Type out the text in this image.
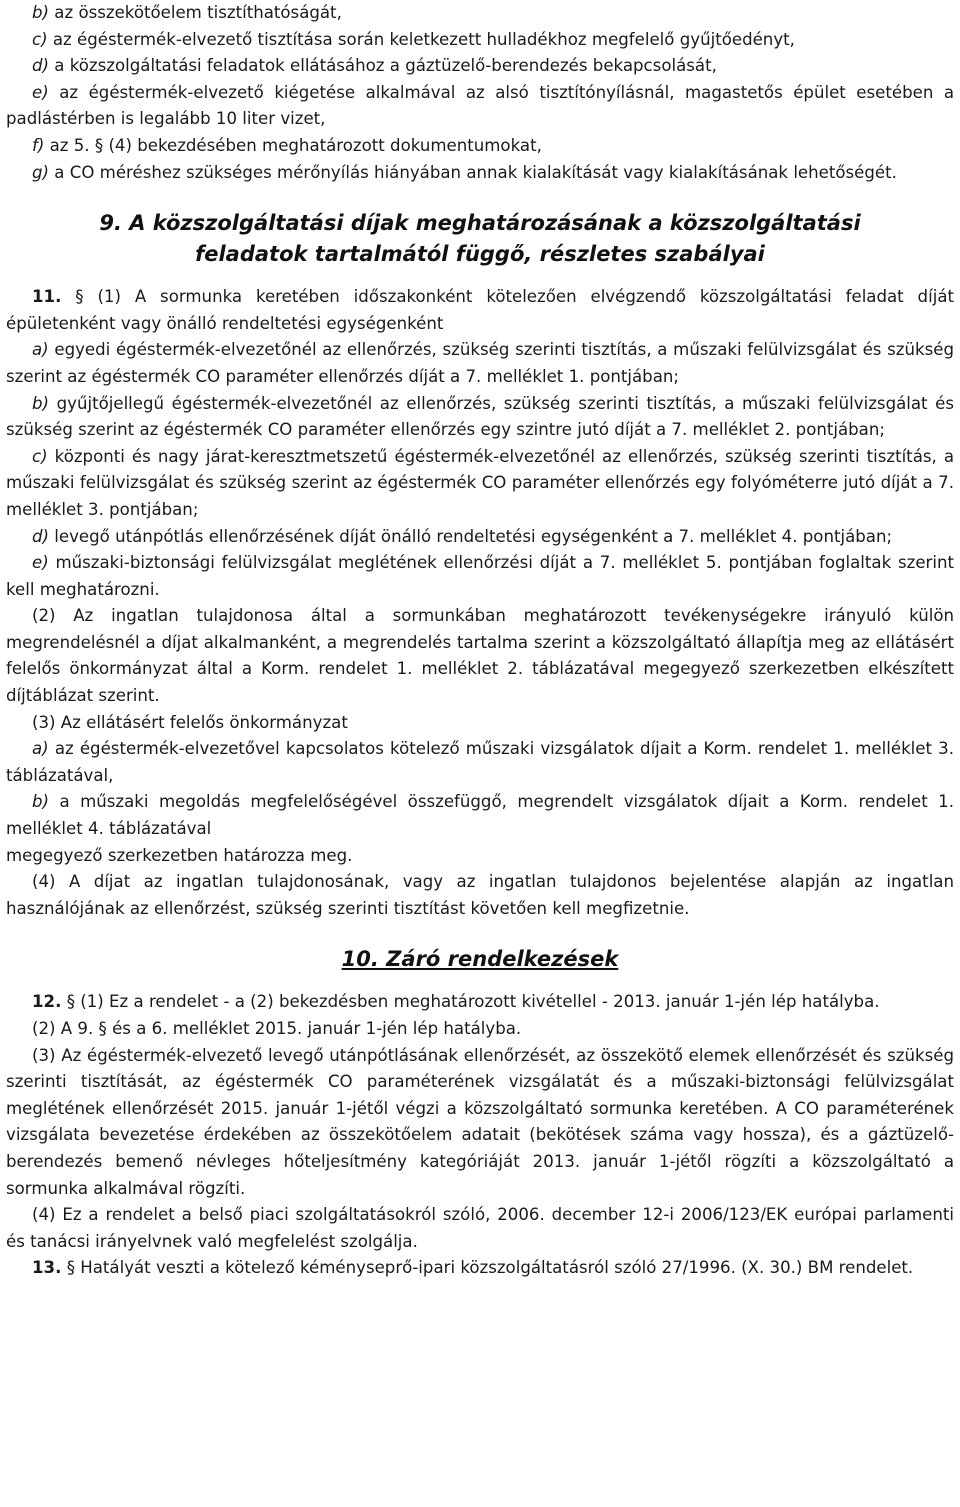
b) az összekötőelem tisztíthatóságát,

c) az égéstermék-elvezető tisztítása során keletkezett hulladékhoz megfelelő gyűjtőedényt,

d) a közszolgáltatási feladatok ellátásához a gáztüzelő-berendezés bekapcsolását,

e) az égéstermék-elvezető kiégetése alkalmával az alsó tisztítónyílásnál, magastetős épület esetében a padlástérben is legalább 10 liter vizet,

f) az 5. § (4) bekezdésében meghatározott dokumentumokat,

g) a CO méréshez szükséges mérőnyílás hiányában annak kialakítását vagy kialakításának lehetőségét.

9. A közszolgáltatási díjak meghatározásának a közszolgáltatási
feladatok tartalmától függő, részletes szabályai

11. § (1) A sormunka keretében időszakonként kötelezően elvégzendő közszolgáltatási feladat díját épületenként vagy önálló rendeltetési egységenként

a) egyedi égéstermék-elvezetőnél az ellenőrzés, szükség szerinti tisztítás, a műszaki felülvizsgálat és szükség szerint az égéstermék CO paraméter ellenőrzés díját a 7. melléklet 1. pontjában;

b) gyűjtőjellegű égéstermék-elvezetőnél az ellenőrzés, szükség szerinti tisztítás, a műszaki felülvizsgálat és szükség szerint az égéstermék CO paraméter ellenőrzés egy szintre jutó díját a 7. melléklet 2. pontjában;

c) központi és nagy járat-keresztmetszetű égéstermék-elvezetőnél az ellenőrzés, szükség szerinti tisztítás, a műszaki felülvizsgálat és szükség szerint az égéstermék CO paraméter ellenőrzés egy folyóméterre jutó díját a 7. melléklet 3. pontjában;

d) levegő utánpótlás ellenőrzésének díját önálló rendeltetési egységenként a 7. melléklet 4. pontjában;

e) műszaki-biztonsági felülvizsgálat meglétének ellenőrzési díját a 7. melléklet 5. pontjában foglaltak szerint kell meghatározni.

(2) Az ingatlan tulajdonosa által a sormunkában meghatározott tevékenységekre irányuló külön megrendelésnél a díjat alkalmanként, a megrendelés tartalma szerint a közszolgáltató állapítja meg az ellátásért felelős önkormányzat által a Korm. rendelet 1. melléklet 2. táblázatával megegyező szerkezetben elkészített díjtáblázat szerint.

(3) Az ellátásért felelős önkormányzat

a) az égéstermék-elvezetővel kapcsolatos kötelező műszaki vizsgálatok díjait a Korm. rendelet 1. melléklet 3. táblázatával,

b) a műszaki megoldás megfelelőségével összefüggő, megrendelt vizsgálatok díjait a Korm. rendelet 1. melléklet 4. táblázatával

megegyező szerkezetben határozza meg.

(4) A díjat az ingatlan tulajdonosának, vagy az ingatlan tulajdonos bejelentése alapján az ingatlan használójának az ellenőrzést, szükség szerinti tisztítást követően kell megfizetnie.

10. Záró rendelkezések

12. § (1) Ez a rendelet - a (2) bekezdésben meghatározott kivétellel - 2013. január 1-jén lép hatályba.

(2) A 9. § és a 6. melléklet 2015. január 1-jén lép hatályba.

(3) Az égéstermék-elvezető levegő utánpótlásának ellenőrzését, az összekötő elemek ellenőrzését és szükség szerinti tisztítását, az égéstermék CO paraméterének vizsgálatát és a műszaki-biztonsági felülvizsgálat meglétének ellenőrzését 2015. január 1-jétől végzi a közszolgáltató sormunka keretében. A CO paraméterének vizsgálata bevezetése érdekében az összekötőelem adatait (bekötések száma vagy hossza), és a gáztüzelő-berendezés bemenő névleges hőteljesítmény kategóriáját 2013. január 1-jétől rögzíti a közszolgáltató a sormunka alkalmával rögzíti.

(4) Ez a rendelet a belső piaci szolgáltatásokról szóló, 2006. december 12-i 2006/123/EK európai parlamenti és tanácsi irányelvnek való megfelelést szolgálja.

13. § Hatályát veszti a kötelező kéményseprő-ipari közszolgáltatásról szóló 27/1996. (X. 30.) BM rendelet.
